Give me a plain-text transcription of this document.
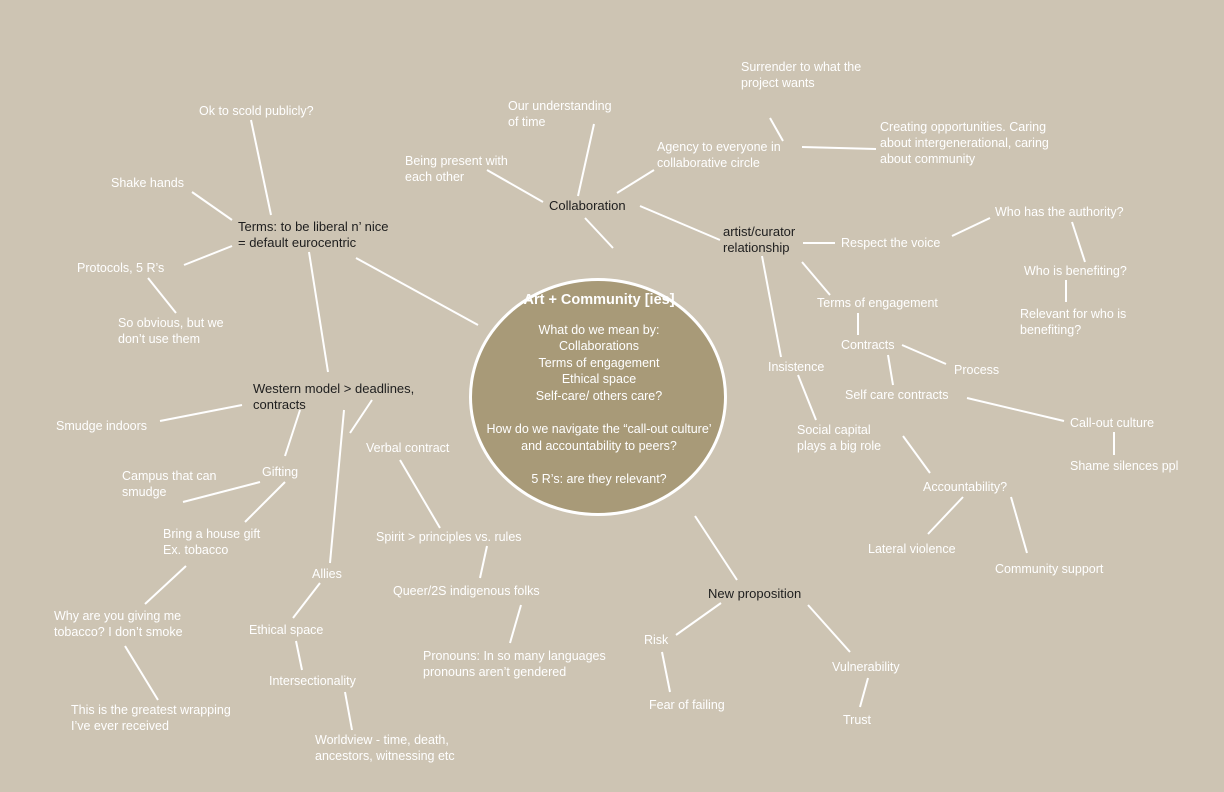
Art + Community [ies]
What do we mean by:
Collaborations
Terms of engagement
Ethical space
Self-care/ others care?
How do we navigate the “call-out culture’ and accountability to peers?
5 R’s: are they relevant?
Terms: to be liberal n’ nice
= default eurocentric
Western model > deadlines,
contracts
Collaboration
artist/curator
relationship
New proposition
Ok to scold publicly?
Shake hands
Protocols, 5 R’s
So obvious, but we
don’t use them
Smudge indoors
Campus that can
smudge
Gifting
Bring a house gift
Ex. tobacco
Why are you giving me
tobacco? I don’t smoke
This is the greatest wrapping
I’ve ever received
Allies
Ethical space
Intersectionality
Worldview - time, death,
ancestors, witnessing etc
Verbal contract
Spirit > principles vs. rules
Queer/2S indigenous folks
Pronouns: In so many languages
pronouns aren’t gendered
Our understanding
of time
Being present with
each other
Agency to everyone in
collaborative circle
Surrender to what the
project wants
Creating opportunities. Caring
about intergenerational, caring
about community
Respect the voice
Who has the authority?
Who is benefiting?
Relevant for who is
benefiting?
Terms of engagement
Insistence
Contracts
Process
Self care contracts
Call-out culture
Shame silences ppl
Social capital
plays a big role
Accountability?
Lateral violence
Community support
Risk
Fear of failing
Vulnerability
Trust
